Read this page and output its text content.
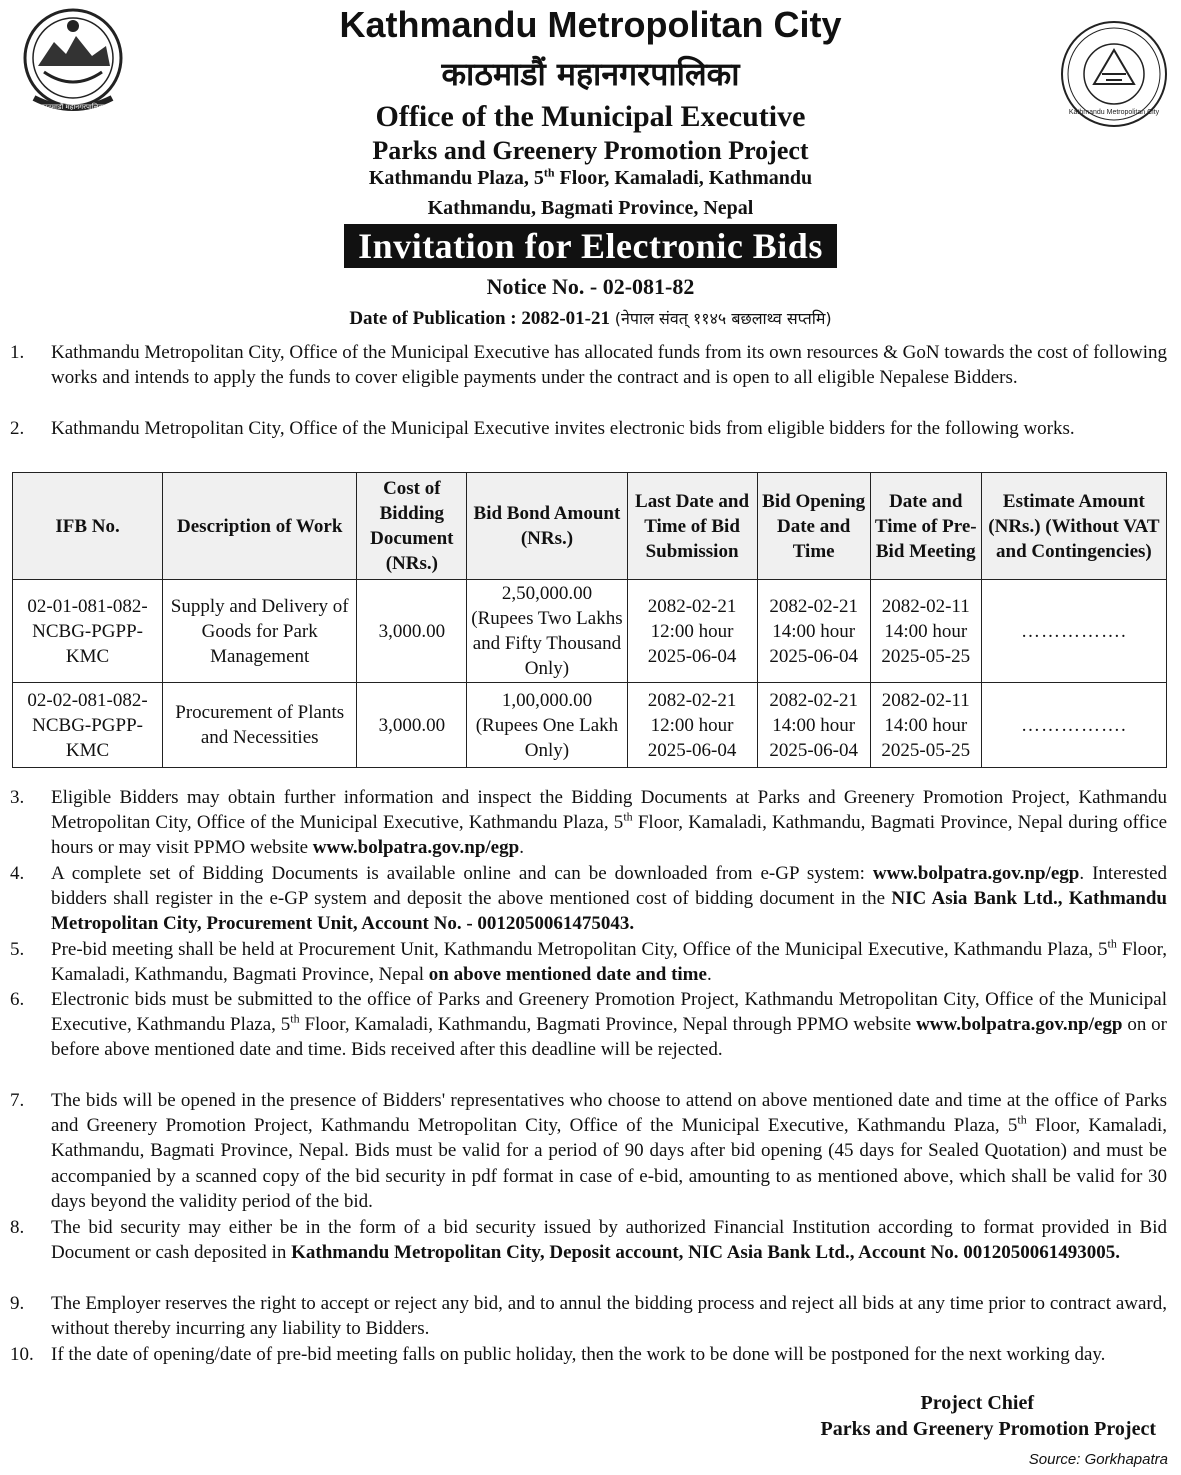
काठमाडौं महानगरपालिका
Kathmandu Metropolitan City
Kathmandu Metropolitan City
काठमाडौं महानगरपालिका
Office of the Municipal Executive
Parks and Greenery Promotion Project
Kathmandu Plaza, 5th Floor, Kamaladi, Kathmandu
Kathmandu, Bagmati Province, Nepal
Invitation for Electronic Bids
Notice No. - 02-081-82
Date of Publication : 2082-01-21 (नेपाल संवत् ११४५ बछलाथ्व सप्तमि)
1.	Kathmandu Metropolitan City, Office of the Municipal Executive has allocated funds from its own resources & GoN towards the cost of following works and intends to apply the funds to cover eligible payments under the contract and is open to all eligible Nepalese Bidders.
2.	Kathmandu Metropolitan City, Office of the Municipal Executive invites electronic bids from eligible bidders for the following works.
IFB No.	Description of Work	Cost of Bidding Document (NRs.)	Bid Bond Amount (NRs.)	Last Date and Time of Bid Submission	Bid Opening Date and Time	Date and Time of Pre-Bid Meeting	Estimate Amount (NRs.) (Without VAT and Contingencies)
02-01-081-082-NCBG-PGPP-KMC	Supply and Delivery of Goods for Park Management	3,000.00	2,50,000.00 (Rupees Two Lakhs and Fifty Thousand Only)	2082-02-21 12:00 hour 2025-06-04	2082-02-21 14:00 hour 2025-06-04	2082-02-11 14:00 hour 2025-05-25	…………….
02-02-081-082-NCBG-PGPP-KMC	Procurement of Plants and Necessities	3,000.00	1,00,000.00 (Rupees One Lakh Only)	2082-02-21 12:00 hour 2025-06-04	2082-02-21 14:00 hour 2025-06-04	2082-02-11 14:00 hour 2025-05-25	…………….
3.	Eligible Bidders may obtain further information and inspect the Bidding Documents at Parks and Greenery Promotion Project, Kathmandu Metropolitan City, Office of the Municipal Executive, Kathmandu Plaza, 5th Floor, Kamaladi, Kathmandu, Bagmati Province, Nepal during office hours or may visit PPMO website www.bolpatra.gov.np/egp.
4.	A complete set of Bidding Documents is available online and can be downloaded from e-GP system: www.bolpatra.gov.np/egp. Interested bidders shall register in the e-GP system and deposit the above mentioned cost of bidding document in the NIC Asia Bank Ltd., Kathmandu Metropolitan City, Procurement Unit, Account No. - 0012050061475043.
5.	Pre-bid meeting shall be held at Procurement Unit, Kathmandu Metropolitan City, Office of the Municipal Executive, Kathmandu Plaza, 5th Floor, Kamaladi, Kathmandu, Bagmati Province, Nepal on above mentioned date and time.
6.	Electronic bids must be submitted to the office of Parks and Greenery Promotion Project, Kathmandu Metropolitan City, Office of the Municipal Executive, Kathmandu Plaza, 5th Floor, Kamaladi, Kathmandu, Bagmati Province, Nepal through PPMO website www.bolpatra.gov.np/egp on or before above mentioned date and time. Bids received after this deadline will be rejected.
7.	The bids will be opened in the presence of Bidders' representatives who choose to attend on above mentioned date and time at the office of Parks and Greenery Promotion Project, Kathmandu Metropolitan City, Office of the Municipal Executive, Kathmandu Plaza, 5th Floor, Kamaladi, Kathmandu, Bagmati Province, Nepal. Bids must be valid for a period of 90 days after bid opening (45 days for Sealed Quotation) and must be accompanied by a scanned copy of the bid security in pdf format in case of e-bid, amounting to as mentioned above, which shall be valid for 30 days beyond the validity period of the bid.
8.	The bid security may either be in the form of a bid security issued by authorized Financial Institution according to format provided in Bid Document or cash deposited in Kathmandu Metropolitan City, Deposit account, NIC Asia Bank Ltd., Account No. 0012050061493005.
9.	The Employer reserves the right to accept or reject any bid, and to annul the bidding process and reject all bids at any time prior to contract award, without thereby incurring any liability to Bidders.
10. If the date of opening/date of pre-bid meeting falls on public holiday, then the work to be done will be postponed for the next working day.
Project Chief
Parks and Greenery Promotion Project
Source: Gorkhapatra
